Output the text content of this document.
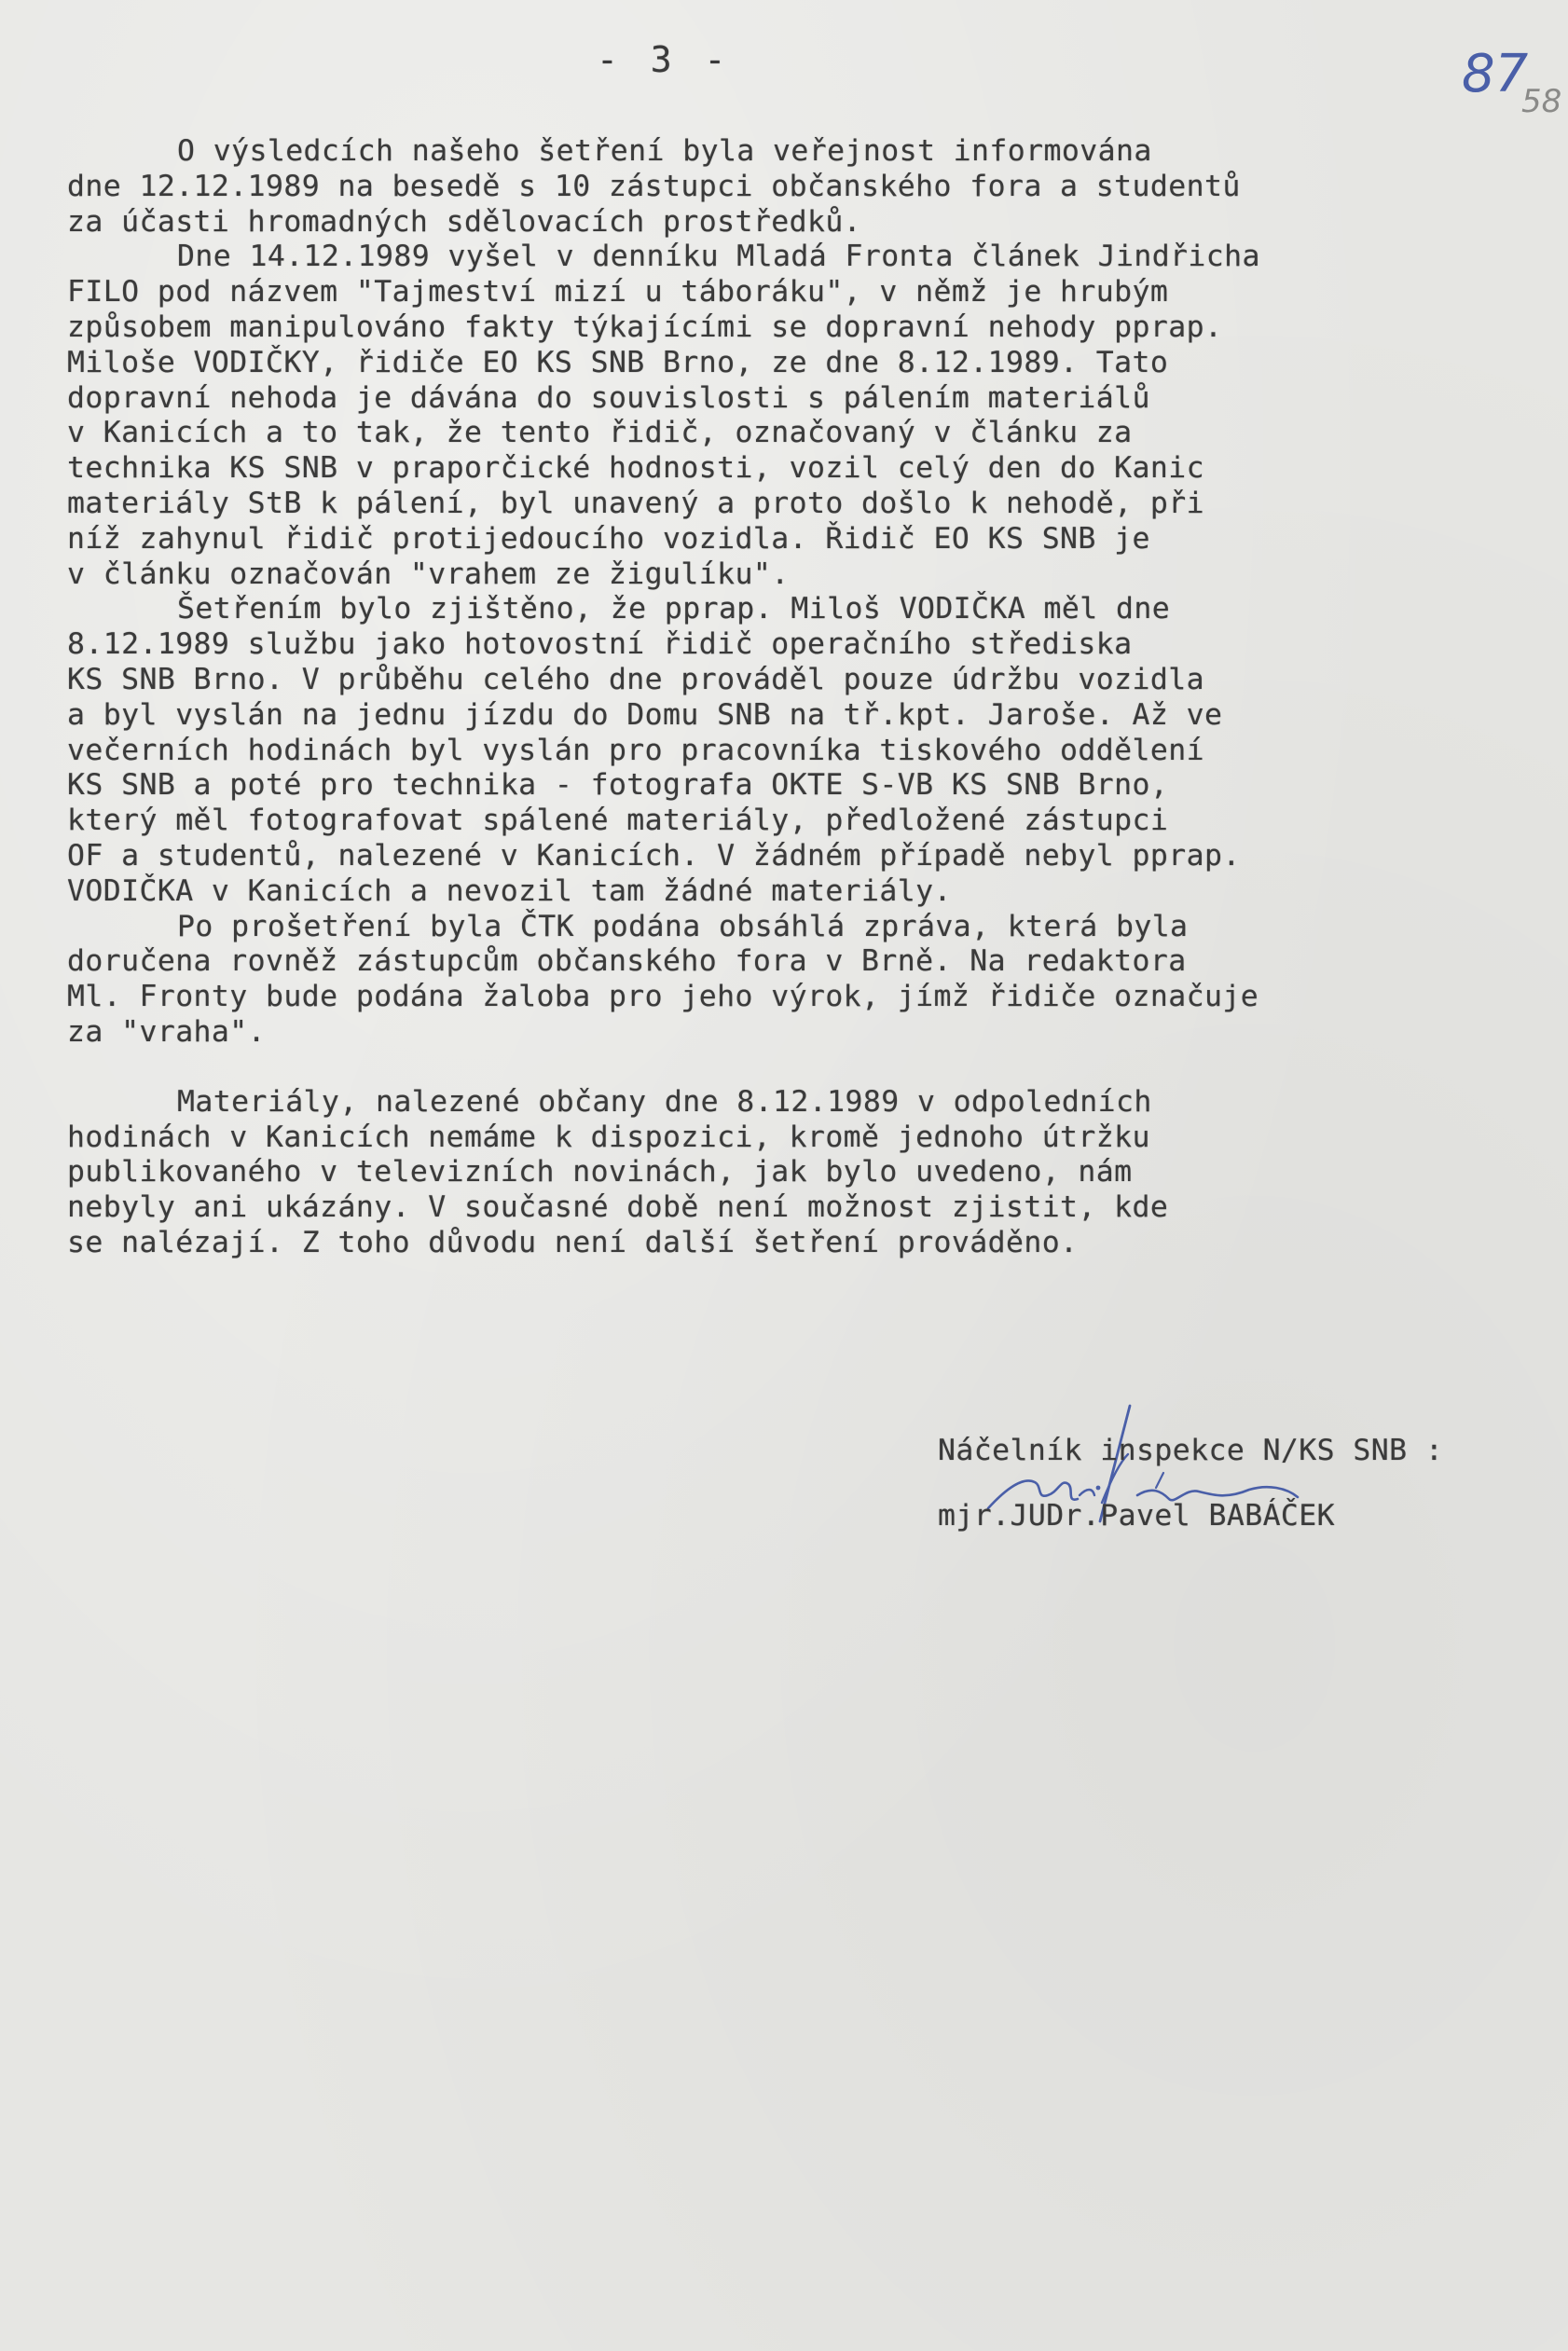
- 3 -	87
58

O výsledcích našeho šetření byla veřejnost informována

dne 12.12.1989 na besedě s 10 zástupci občanského fora a studentů

za účasti hromadných sdělovacích prostředků.

Dne 14.12.1989 vyšel v denníku Mladá Fronta článek Jindřicha

FILO pod názvem "Tajmeství mizí u táboráku", v němž je hrubým

způsobem manipulováno fakty týkajícími se dopravní nehody pprap.

Miloše VODIČKY, řidiče EO KS SNB Brno, ze dne 8.12.1989. Tato

dopravní nehoda je dávána do souvislosti s pálením materiálů

v Kanicích a to tak, že tento řidič, označovaný v článku za

technika KS SNB v praporčické hodnosti, vozil celý den do Kanic

materiály StB k pálení, byl unavený a proto došlo k nehodě, při

níž zahynul řidič protijedoucího vozidla. Řidič EO KS SNB je

v článku označován "vrahem ze žigulíku".

Šetřením bylo zjištěno, že pprap. Miloš VODIČKA měl dne

8.12.1989 službu jako hotovostní řidič operačního střediska

KS SNB Brno. V průběhu celého dne prováděl pouze údržbu vozidla

a byl vyslán na jednu jízdu do Domu SNB na tř.kpt. Jaroše. Až ve

večerních hodinách byl vyslán pro pracovníka tiskového oddělení

KS SNB a poté pro technika - fotografa OKTE S-VB KS SNB Brno,

který měl fotografovat spálené materiály, předložené zástupci

OF a studentů, nalezené v Kanicích. V žádném případě nebyl pprap.

VODIČKA v Kanicích a nevozil tam žádné materiály.

Po prošetření byla ČTK podána obsáhlá zpráva, která byla

doručena rovněž zástupcům občanského fora v Brně. Na redaktora

Ml. Fronty bude podána žaloba pro jeho výrok, jímž řidiče označuje

za "vraha".

Materiály, nalezené občany dne 8.12.1989 v odpoledních

hodinách v Kanicích nemáme k dispozici, kromě jednoho útržku

publikovaného v televizních novinách, jak bylo uvedeno, nám

nebyly ani ukázány. V současné době není možnost zjistit, kde

se nalézají. Z toho důvodu není další šetření prováděno.

Náčelník inspekce N/KS SNB :
mjr.JUDr.Pavel BABÁČEK
